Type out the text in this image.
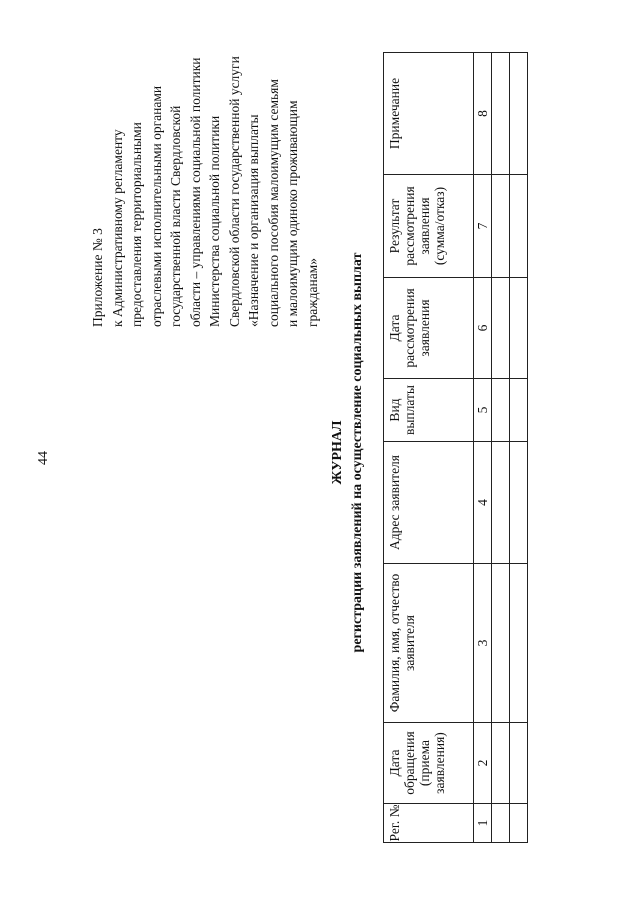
44
Приложение № 3 к Административному регламенту предоставления территориальными отраслевыми исполнительными органами государственной власти Свердловской области – управлениями социальной политики Министерства социальной политики Свердловской области государственной услуги «Назначение и организация выплаты социального пособия малоимущим семьям и малоимущим одиноко проживающим гражданам»
ЖУРНАЛ регистрации заявлений на осуществление социальных выплат
Рег. №	Дата обращения (приема заявления)	Фамилия, имя, отчество заявителя	Адрес заявителя	Вид выплаты	Дата рассмотрения заявления	Результат рассмотрения заявления (сумма/отказ)	Примечание
1	2	3	4	5	6	7	8
